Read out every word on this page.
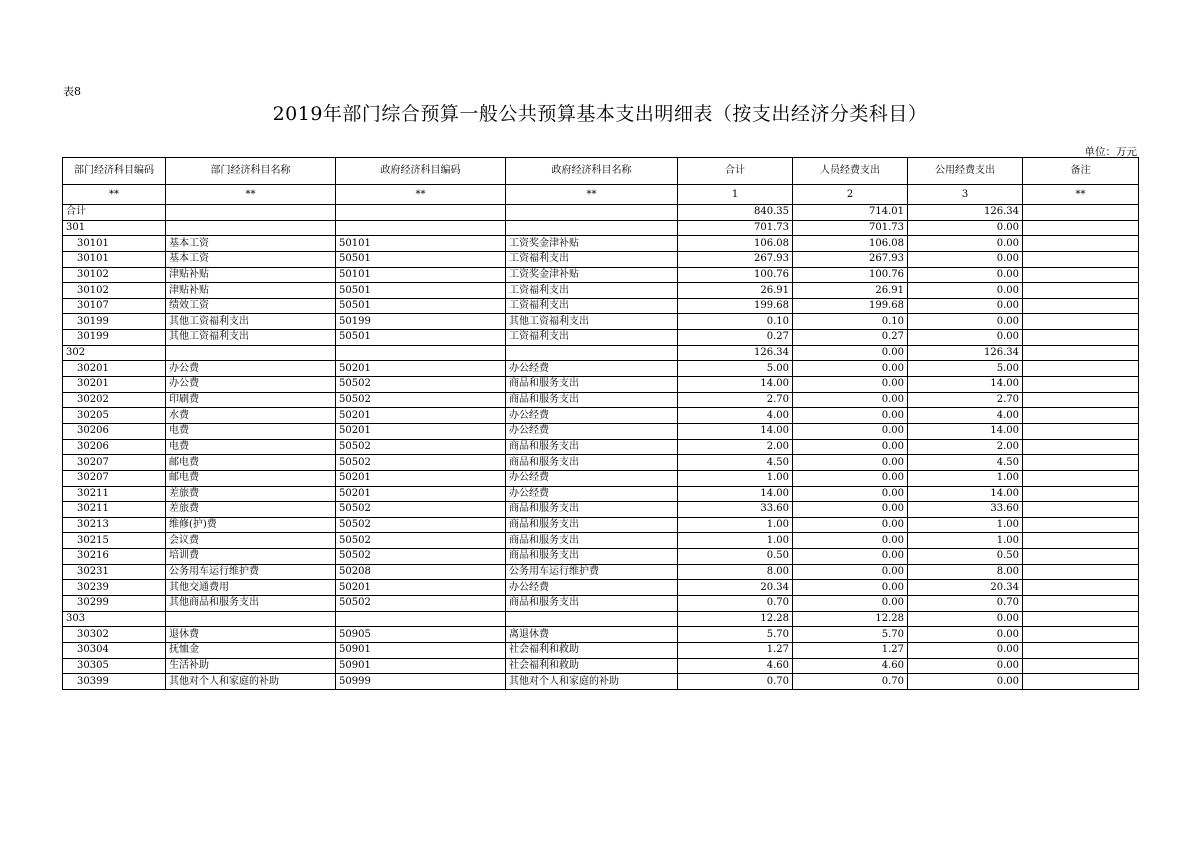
表8
2019年部门综合预算一般公共预算基本支出明细表（按支出经济分类科目）
单位：万元
部门经济科目编码	部门经济科目名称	政府经济科目编码	政府经济科目名称	合计	人员经费支出	公用经费支出	备注
**	**	**	**	1	2	3	**
合计				840.35	714.01	126.34	
301				701.73	701.73	0.00	
30101	基本工资	50101	工资奖金津补贴	106.08	106.08	0.00	
30101	基本工资	50501	工资福利支出	267.93	267.93	0.00	
30102	津贴补贴	50101	工资奖金津补贴	100.76	100.76	0.00	
30102	津贴补贴	50501	工资福利支出	26.91	26.91	0.00	
30107	绩效工资	50501	工资福利支出	199.68	199.68	0.00	
30199	其他工资福利支出	50199	其他工资福利支出	0.10	0.10	0.00	
30199	其他工资福利支出	50501	工资福利支出	0.27	0.27	0.00	
302				126.34	0.00	126.34	
30201	办公费	50201	办公经费	5.00	0.00	5.00	
30201	办公费	50502	商品和服务支出	14.00	0.00	14.00	
30202	印刷费	50502	商品和服务支出	2.70	0.00	2.70	
30205	水费	50201	办公经费	4.00	0.00	4.00	
30206	电费	50201	办公经费	14.00	0.00	14.00	
30206	电费	50502	商品和服务支出	2.00	0.00	2.00	
30207	邮电费	50502	商品和服务支出	4.50	0.00	4.50	
30207	邮电费	50201	办公经费	1.00	0.00	1.00	
30211	差旅费	50201	办公经费	14.00	0.00	14.00	
30211	差旅费	50502	商品和服务支出	33.60	0.00	33.60	
30213	维修(护)费	50502	商品和服务支出	1.00	0.00	1.00	
30215	会议费	50502	商品和服务支出	1.00	0.00	1.00	
30216	培训费	50502	商品和服务支出	0.50	0.00	0.50	
30231	公务用车运行维护费	50208	公务用车运行维护费	8.00	0.00	8.00	
30239	其他交通费用	50201	办公经费	20.34	0.00	20.34	
30299	其他商品和服务支出	50502	商品和服务支出	0.70	0.00	0.70	
303				12.28	12.28	0.00	
30302	退休费	50905	离退休费	5.70	5.70	0.00	
30304	抚恤金	50901	社会福利和救助	1.27	1.27	0.00	
30305	生活补助	50901	社会福利和救助	4.60	4.60	0.00	
30399	其他对个人和家庭的补助	50999	其他对个人和家庭的补助	0.70	0.70	0.00	
